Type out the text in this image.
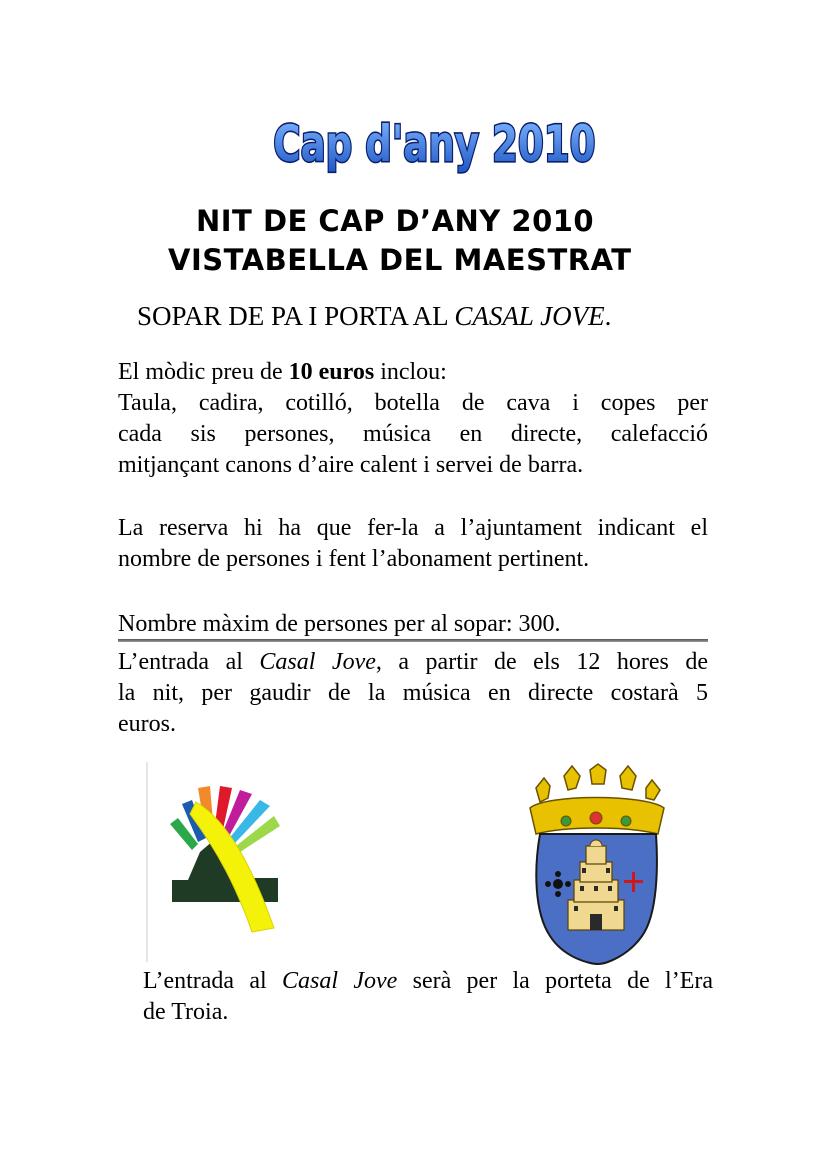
Cap d'any 2010
NIT DE CAP D’ANY 2010
VISTABELLA DEL MAESTRAT
SOPAR DE PA I PORTA AL CASAL JOVE.
El mòdic preu de 10 euros inclou:
Taula, cadira, cotilló, botella de cava i copes per
cada sis persones, música en directe, calefacció
mitjançant canons d’aire calent i servei de barra.
La reserva hi ha que fer-la a l’ajuntament indicant el
nombre de persones i fent l’abonament pertinent.
Nombre màxim de persones per al sopar: 300.
L’entrada al Casal Jove, a partir de els 12 hores de
la nit, per gaudir de la música en directe costarà 5
euros.
L’entrada al Casal Jove serà per la porteta de l’Era
de Troia.
